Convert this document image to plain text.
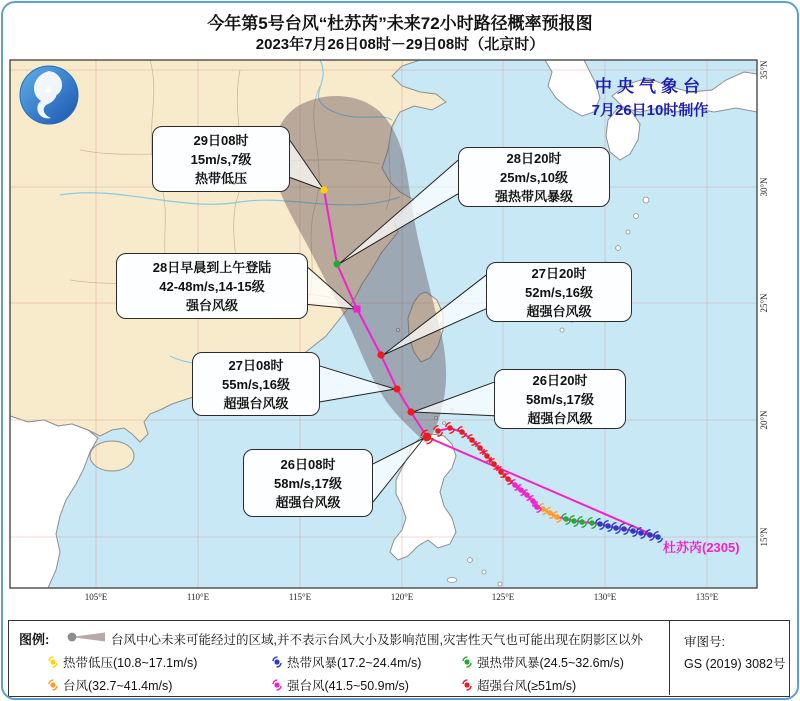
今年第5号台风“杜苏芮”未来72小时路径概率预报图
2023年7月26日08时－29日08时（北京时）
中央气象台
7月26日10时制作
杜苏芮(2305)
29日08时
15m/s,7级
热带低压
28日早晨到上午登陆
42-48m/s,14-15级
强台风级
27日08时
55m/s,16级
超强台风级
26日08时
58m/s,17级
超强台风级
28日20时
25m/s,10级
强热带风暴级
27日20时
52m/s,16级
超强台风级
26日20时
58m/s,17级
超强台风级
105°E	110°E	115°E	120°E	125°E	130°E	135°E
35°N
30°N
25°N
20°N
15°N
图例:	台风中心未来可能经过的区域,并不表示台风大小及影响范围,灾害性天气也可能出现在阴影区以外
热带低压(10.8~17.1m/s)	热带风暴(17.2~24.4m/s)	强热带风暴(24.5~32.6m/s)
台风(32.7~41.4m/s)	强台风(41.5~50.9m/s)	超强台风(≥51m/s)
审图号:
GS (2019) 3082号
